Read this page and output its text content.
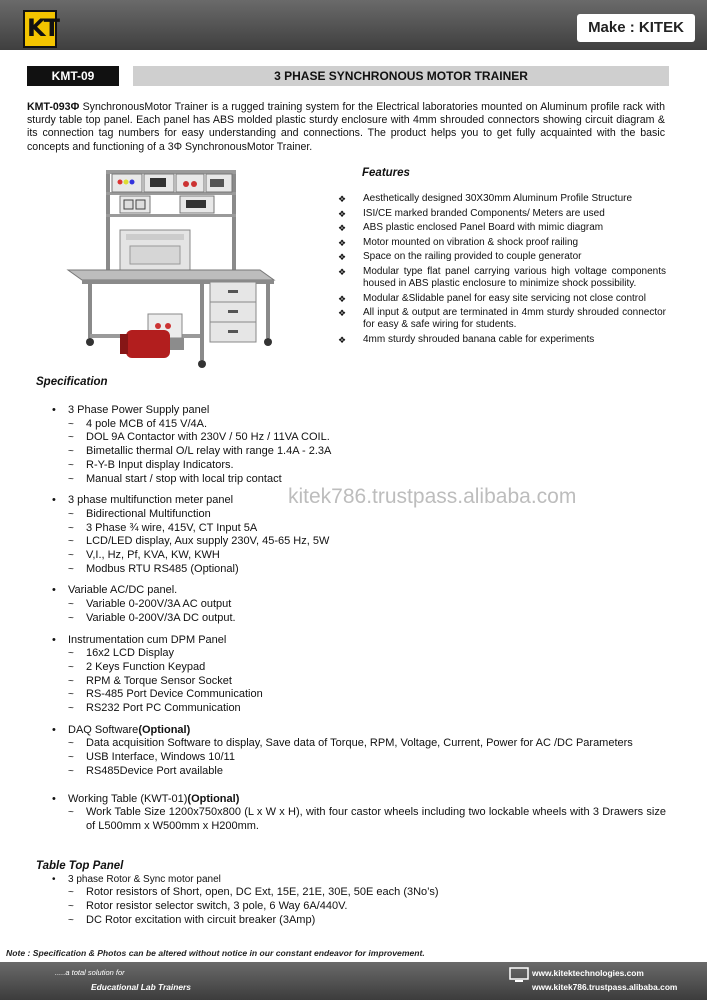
KT	Make : KITEK
KMT-09	3 PHASE SYNCHRONOUS MOTOR TRAINER

KMT-093Φ SynchronousMotor Trainer is a rugged training system for the Electrical laboratories mounted on Aluminum profile rack with sturdy table top panel. Each panel has ABS molded plastic sturdy enclosure with 4mm shrouded connectors showing circuit diagram & its connection tag numbers for easy understanding and connections. The product helps you to get fully acquainted with the basic concepts and functioning of a 3Φ SynchronousMotor Trainer.

Features
❖ Aesthetically designed 30X30mm Aluminum Profile Structure
❖ ISI/CE marked branded Components/ Meters are used
❖ ABS plastic enclosed Panel Board with mimic diagram
❖ Motor mounted on vibration & shock proof railing
❖ Space on the railing provided to couple generator
❖ Modular type flat panel carrying various high voltage components housed in ABS plastic enclosure to minimize shock possibility.
❖ Modular &Slidable panel for easy site servicing not close control
❖ All input & output are terminated in 4mm sturdy shrouded connector for easy & safe wiring for students.
❖ 4mm sturdy shrouded banana cable for experiments
Specification
• 3 Phase Power Supply panel
~ 4 pole MCB of 415 V/4A.
~ DOL 9A Contactor with 230V / 50 Hz / 11VA COIL.
~ Bimetallic thermal O/L relay with range 1.4A - 2.3A
~ R-Y-B Input display Indicators.
~ Manual start / stop with local trip contact
• 3 phase multifunction meter panel
~ Bidirectional Multifunction
~ 3 Phase ¾ wire, 415V, CT Input 5A
~ LCD/LED display, Aux supply 230V, 45-65 Hz, 5W
~ V,I., Hz, Pf, KVA, KW, KWH
~ Modbus RTU RS485 (Optional)
• Variable AC/DC panel.
~ Variable 0-200V/3A AC output
~ Variable 0-200V/3A DC output.
• Instrumentation cum DPM Panel
~ 16x2 LCD Display
~ 2 Keys Function Keypad
~ RPM & Torque Sensor Socket
~ RS-485 Port Device Communication
~ RS232 Port PC Communication
• DAQ Software(Optional)
~ Data acquisition Software to display, Save data of Torque, RPM, Voltage, Current, Power for AC /DC Parameters
~ USB Interface, Windows 10/11
~ RS485Device Port available
• Working Table (KWT-01)(Optional)
~ Work Table Size 1200x750x800 (L x W x H), with four castor wheels including two lockable wheels with 3 Drawers size of L500mm x W500mm x H200mm.
kitek786.trustpass.alibaba.com
Table Top Panel
• 3 phase Rotor & Sync motor panel
~ Rotor resistors of Short, open, DC Ext, 15E, 21E, 30E, 50E each (3No’s)
~ Rotor resistor selector switch, 3 pole, 6 Way 6A/440V.
~ DC Rotor excitation with circuit breaker (3Amp)
Note : Specification & Photos can be altered without notice in our constant endeavor for improvement.
.....a total solution for
Educational Lab Trainers
www.kitektechnologies.com
www.kitek786.trustpass.alibaba.com
